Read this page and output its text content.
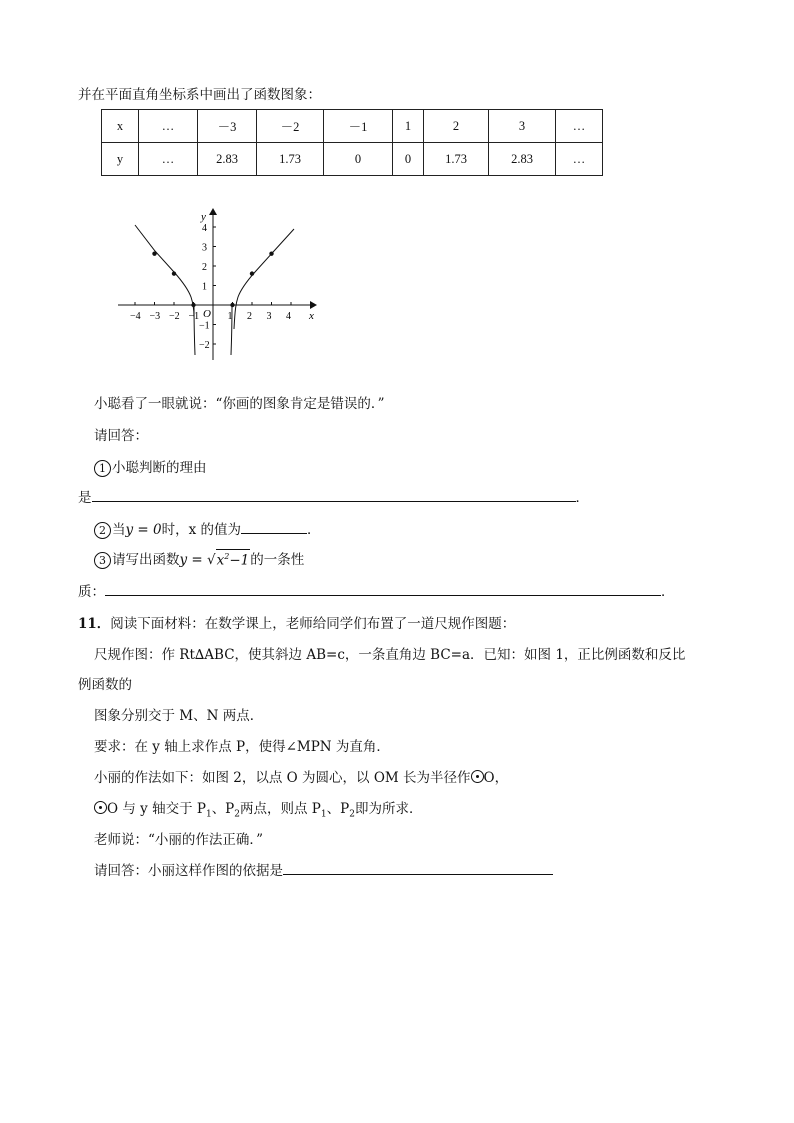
并在平面直角坐标系中画出了函数图象：
x	…	－3	－2	－1	1	2	3	…
y	…	2.83	1.73	0	0	1.73	2.83	…
−4 −3 −2 −1	1 2 3 4
4
3
2
1
−1
−2
x
y
O
小聪看了一眼就说：“你画的图象肯定是错误的．”
请回答：
1 小聪判断的理由
是	．
2 当y = 0时，x 的值为	．
3 请写出函数$y = √x^2-1$的一条性
质：	．
11．阅读下面材料：在数学课上，老师给同学们布置了一道尺规作图题：
尺规作图：作 Rt∆ABC，使其斜边 AB=c，一条直角边 BC=a．已知：如图 1，正比例函数和反比
例函数的
图象分别交于 M、N 两点．
要求：在 y 轴上求作点 P，使得∠MPN 为直角．
小丽的作法如下：如图 2，以点 O 为圆心，以 OM 长为半径作 O，
O 与 y 轴交于 $P_1$、$P_2$两点，则点 $P_1$、$P_2$即为所求．
老师说：“小丽的作法正确．”
请回答：小丽这样作图的依据是
